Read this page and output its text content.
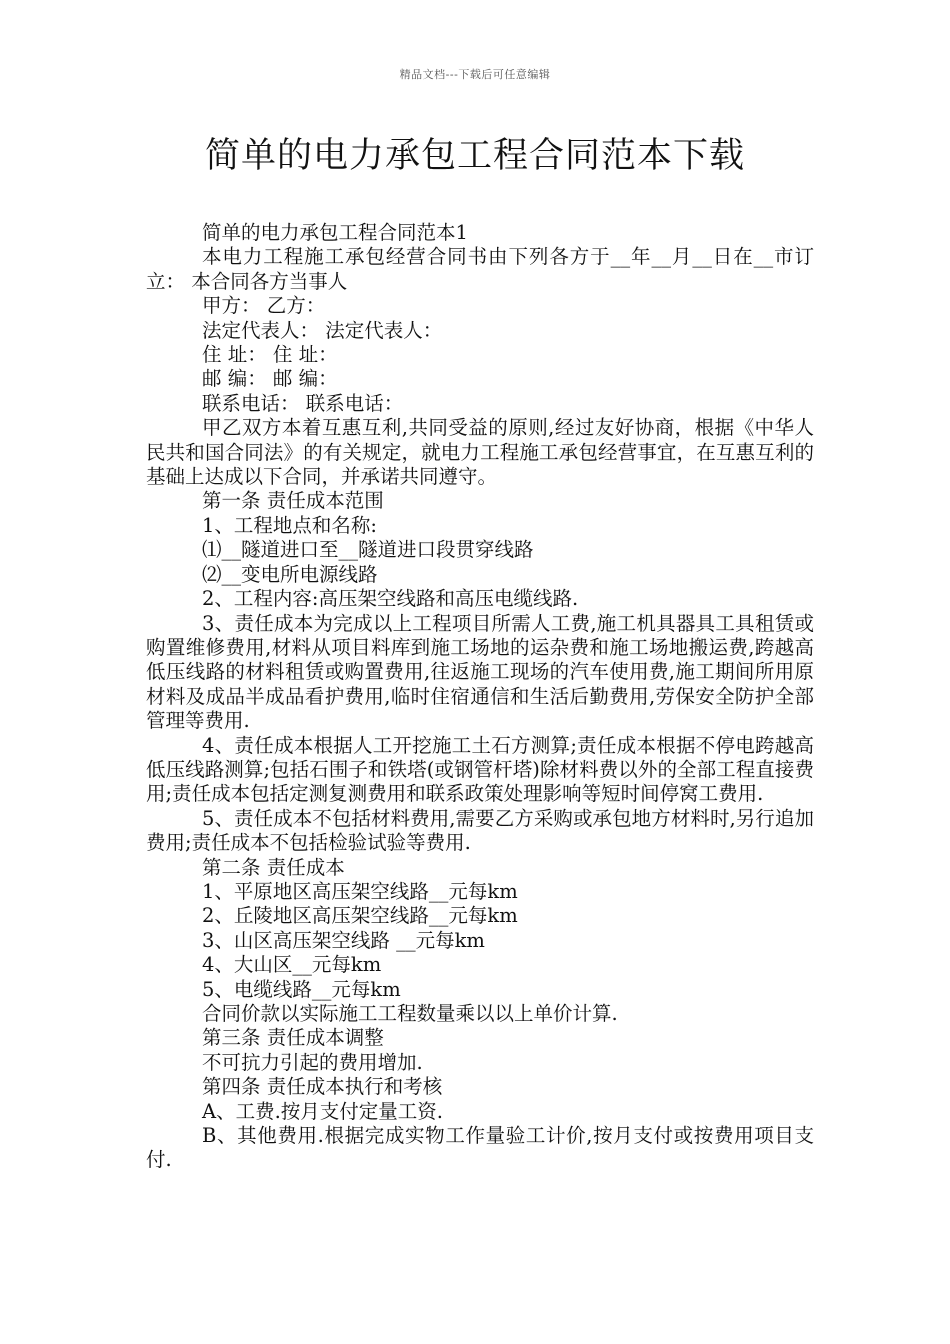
精品文档---下载后可任意编辑
简单的电力承包工程合同范本下载

简单的电力承包工程合同范本1

本电力工程施工承包经营合同书由下列各方于__年__月__日在__市订立： 本合同各方当事人

甲方： 乙方：

法定代表人： 法定代表人：

住 址： 住 址：

邮 编： 邮 编：

联系电话： 联系电话：

甲乙双方本着互惠互利,共同受益的原则,经过友好协商，根据《中华人民共和国合同法》的有关规定，就电力工程施工承包经营事宜，在互惠互利的基础上达成以下合同，并承诺共同遵守。

第一条 责任成本范围

1、工程地点和名称:

⑴__隧道进口至__隧道进口段贯穿线路

⑵__变电所电源线路

2、工程内容:高压架空线路和高压电缆线路.

3、责任成本为完成以上工程项目所需人工费,施工机具器具工具租赁或购置维修费用,材料从项目料库到施工场地的运杂费和施工场地搬运费,跨越高低压线路的材料租赁或购置费用,往返施工现场的汽车使用费,施工期间所用原材料及成品半成品看护费用,临时住宿通信和生活后勤费用,劳保安全防护全部管理等费用.

4、责任成本根据人工开挖施工土石方测算;责任成本根据不停电跨越高低压线路测算;包括石围子和铁塔(或钢管杆塔)除材料费以外的全部工程直接费用;责任成本包括定测复测费用和联系政策处理影响等短时间停窝工费用.

5、责任成本不包括材料费用,需要乙方采购或承包地方材料时,另行追加费用;责任成本不包括检验试验等费用.

第二条 责任成本

1、平原地区高压架空线路__元每km

2、丘陵地区高压架空线路__元每km

3、山区高压架空线路 __元每km

4、大山区__元每km

5、电缆线路__元每km

合同价款以实际施工工程数量乘以以上单价计算.

第三条 责任成本调整

不可抗力引起的费用增加.

第四条 责任成本执行和考核

A、工费.按月支付定量工资.

B、其他费用.根据完成实物工作量验工计价,按月支付或按费用项目支付.
